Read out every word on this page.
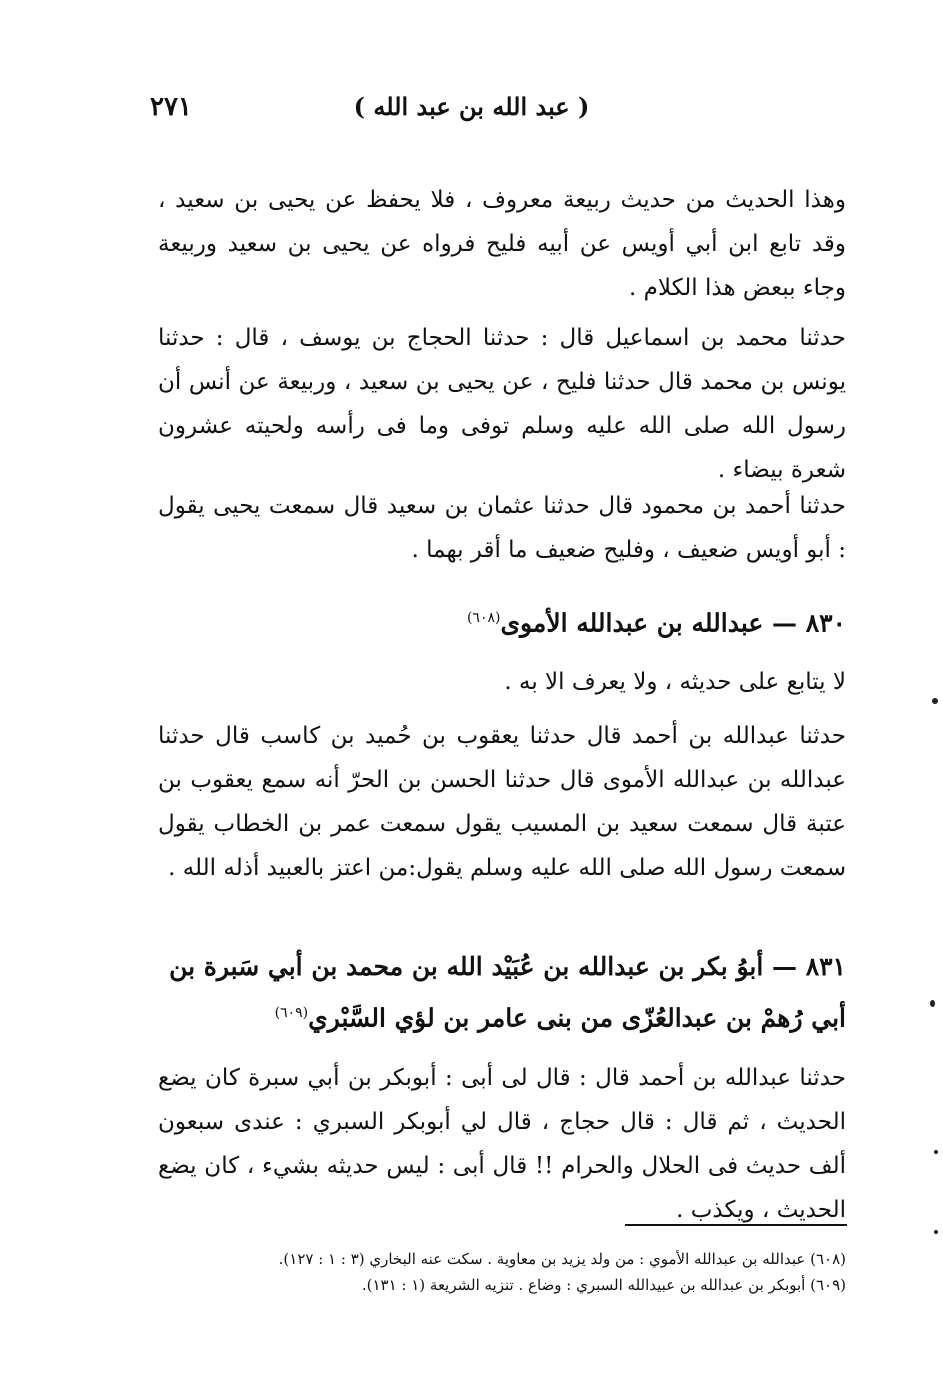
٢٧١	( عبد الله بن عبد الله )
وهذا الحديث من حديث ربيعة معروف ، فلا يحفظ عن يحيى بن سعيد ، وقد تابع ابن أبي أويس عن أبيه فليح فرواه عن يحيى بن سعيد وربيعة وجاء ببعض هذا الكلام .
حدثنا محمد بن اسماعيل قال : حدثنا الحجاج بن يوسف ، قال : حدثنا يونس بن محمد قال حدثنا فليح ، عن يحيى بن سعيد ، وربيعة عن أنس أن رسول الله صلى الله عليه وسلم توفى وما فى رأسه ولحيته عشرون شعرة بيضاء .
حدثنا أحمد بن محمود قال حدثنا عثمان بن سعيد قال سمعت يحيى يقول : أبو أويس ضعيف ، وفليح ضعيف ما أقر بهما .
٨٣٠ — عبدالله بن عبدالله الأموى$^{(٦٠٨)}$
لا يتابع على حديثه ، ولا يعرف الا به .
حدثنا عبدالله بن أحمد قال حدثنا يعقوب بن حُميد بن كاسب قال حدثنا عبدالله بن عبدالله الأموى قال حدثنا الحسن بن الحرّ أنه سمع يعقوب بن عتبة قال سمعت سعيد بن المسيب يقول سمعت عمر بن الخطاب يقول سمعت رسول الله صلى الله عليه وسلم يقول:من اعتز بالعبيد أذله الله .
٨٣١ — أبوُ بكر بن عبدالله بن عُبَيْد الله بن محمد بن أبي سَبرة بن أبي رُهمْ بن عبدالعُزّى من بنى عامر بن لؤي السَّبْري$^{(٦٠٩)}$
حدثنا عبدالله بن أحمد قال : قال لى أبى : أبوبكر بن أبي سبرة كان يضع الحديث ، ثم قال : قال حجاج ، قال لي أبوبكر السبري : عندى سبعون ألف حديث فى الحلال والحرام !! قال أبى : ليس حديثه بشيء ، كان يضع الحديث ، ويكذب .

(٦٠٨) عبدالله بن عبدالله الأموي : من ولد يزيد بن معاوية . سكت عنه البخاري (٣ : ١ : ١٢٧).

(٦٠٩) أبوبكر بن عبدالله بن عبيدالله السبري : وضاع . تنزيه الشريعة (١ : ١٣١).
